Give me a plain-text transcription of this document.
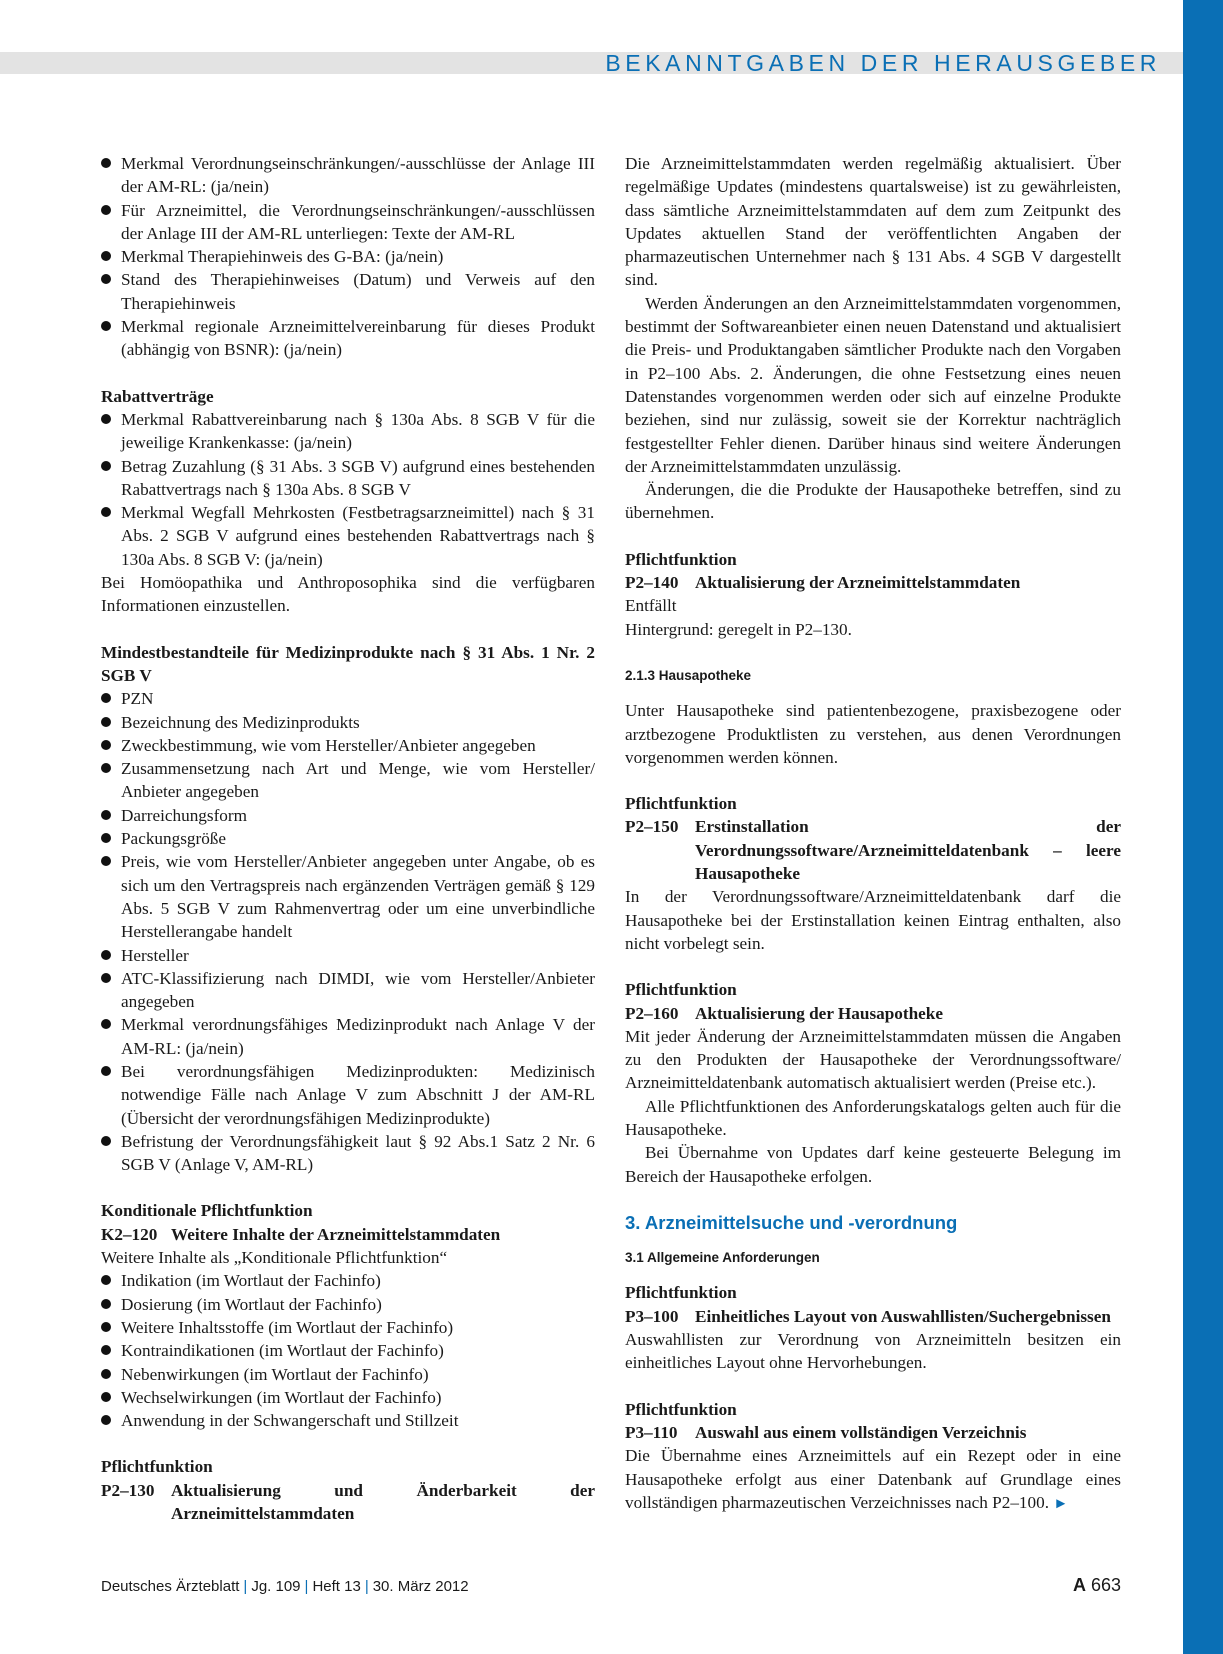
BEKANNTGABEN DER HERAUSGEBER
Merkmal Verordnungseinschränkungen/-ausschlüsse der Anlage III der AM-RL: (ja/nein)
Für Arzneimittel, die Verordnungseinschränkungen/-ausschlüssen der Anlage III der AM-RL unterliegen: Texte der AM-RL
Merkmal Therapiehinweis des G-BA: (ja/nein)
Stand des Therapiehinweises (Datum) und Verweis auf den Therapiehinweis
Merkmal regionale Arzneimittelvereinbarung für dieses Produkt (abhängig von BSNR): (ja/nein)
Rabattverträge
Merkmal Rabattvereinbarung nach § 130a Abs. 8 SGB V für die jeweilige Krankenkasse: (ja/nein)
Betrag Zuzahlung (§ 31 Abs. 3 SGB V) aufgrund eines bestehenden Rabattvertrags nach § 130a Abs. 8 SGB V
Merkmal Wegfall Mehrkosten (Festbetragsarzneimittel) nach § 31 Abs. 2 SGB V aufgrund eines bestehenden Rabattvertrags nach § 130a Abs. 8 SGB V: (ja/nein)

Bei Homöopathika und Anthroposophika sind die verfügbaren Informationen einzustellen.

Mindestbestandteile für Medizinprodukte nach § 31 Abs. 1 Nr. 2 SGB V
PZN
Bezeichnung des Medizinprodukts
Zweckbestimmung, wie vom Hersteller/Anbieter angegeben
Zusammensetzung nach Art und Menge, wie vom Hersteller/ Anbieter angegeben
Darreichungsform
Packungsgröße
Preis, wie vom Hersteller/Anbieter angegeben unter Angabe, ob es sich um den Vertragspreis nach ergänzenden Verträgen gemäß § 129 Abs. 5 SGB V zum Rahmenvertrag oder um eine unverbindliche Herstellerangabe handelt
Hersteller
ATC-Klassifizierung nach DIMDI, wie vom Hersteller/Anbieter angegeben
Merkmal verordnungsfähiges Medizinprodukt nach Anlage V der AM-RL: (ja/nein)
Bei verordnungsfähigen Medizinprodukten: Medizinisch notwendige Fälle nach Anlage V zum Abschnitt J der AM-RL (Übersicht der verordnungsfähigen Medizinprodukte)
Befristung der Verordnungsfähigkeit laut § 92 Abs.1 Satz 2 Nr. 6 SGB V (Anlage V, AM-RL)
Konditionale Pflichtfunktion
K2–120 Weitere Inhalte der Arzneimittelstammdaten

Weitere Inhalte als „Konditionale Pflichtfunktion“

Indikation (im Wortlaut der Fachinfo)
Dosierung (im Wortlaut der Fachinfo)
Weitere Inhaltsstoffe (im Wortlaut der Fachinfo)
Kontraindikationen (im Wortlaut der Fachinfo)
Nebenwirkungen (im Wortlaut der Fachinfo)
Wechselwirkungen (im Wortlaut der Fachinfo)
Anwendung in der Schwangerschaft und Stillzeit
Pflichtfunktion
P2–130 Aktualisierung und Änderbarkeit der Arzneimittelstammdaten

Die Arzneimittelstammdaten werden regelmäßig aktualisiert. Über regelmäßige Updates (mindestens quartalsweise) ist zu gewährleisten, dass sämtliche Arzneimittelstammdaten auf dem zum Zeitpunkt des Updates aktuellen Stand der veröffentlichten Angaben der pharmazeutischen Unternehmer nach § 131 Abs. 4 SGB V dargestellt sind.

Werden Änderungen an den Arzneimittelstammdaten vorgenommen, bestimmt der Softwareanbieter einen neuen Datenstand und aktualisiert die Preis- und Produktangaben sämtlicher Produkte nach den Vorgaben in P2–100 Abs. 2. Änderungen, die ohne Festsetzung eines neuen Datenstandes vorgenommen werden oder sich auf einzelne Produkte beziehen, sind nur zulässig, soweit sie der Korrektur nachträglich festgestellter Fehler dienen. Darüber hinaus sind weitere Änderungen der Arzneimittelstammdaten unzulässig.

Änderungen, die die Produkte der Hausapotheke betreffen, sind zu übernehmen.

Pflichtfunktion
P2–140 Aktualisierung der Arzneimittelstammdaten

Entfällt

Hintergrund: geregelt in P2–130.

2.1.3 Hausapotheke

Unter Hausapotheke sind patientenbezogene, praxisbezogene oder arztbezogene Produktlisten zu verstehen, aus denen Verordnungen vorgenommen werden können.

Pflichtfunktion
P2–150 Erstinstallation der Verordnungssoftware/Arzneimitteldatenbank – leere Hausapotheke

In der Verordnungssoftware/Arzneimitteldatenbank darf die Hausapotheke bei der Erstinstallation keinen Eintrag enthalten, also nicht vorbelegt sein.

Pflichtfunktion
P2–160 Aktualisierung der Hausapotheke

Mit jeder Änderung der Arzneimittelstammdaten müssen die Angaben zu den Produkten der Hausapotheke der Verordnungssoftware/ Arzneimitteldatenbank automatisch aktualisiert werden (Preise etc.).

Alle Pflichtfunktionen des Anforderungskatalogs gelten auch für die Hausapotheke.

Bei Übernahme von Updates darf keine gesteuerte Belegung im Bereich der Hausapotheke erfolgen.

3. Arzneimittelsuche und -verordnung
3.1 Allgemeine Anforderungen
Pflichtfunktion
P3–100 Einheitliches Layout von Auswahllisten/Suchergebnissen

Auswahllisten zur Verordnung von Arzneimitteln besitzen ein einheitliches Layout ohne Hervorhebungen.

Pflichtfunktion
P3–110	Auswahl aus einem vollständigen Verzeichnis

Die Übernahme eines Arzneimittels auf ein Rezept oder in eine Hausapotheke erfolgt aus einer Datenbank auf Grundlage eines vollständigen pharmazeutischen Verzeichnisses nach P2–100. ►

Deutsches Ärzteblatt | Jg. 109 | Heft 13 | 30. März 2012	A 663
